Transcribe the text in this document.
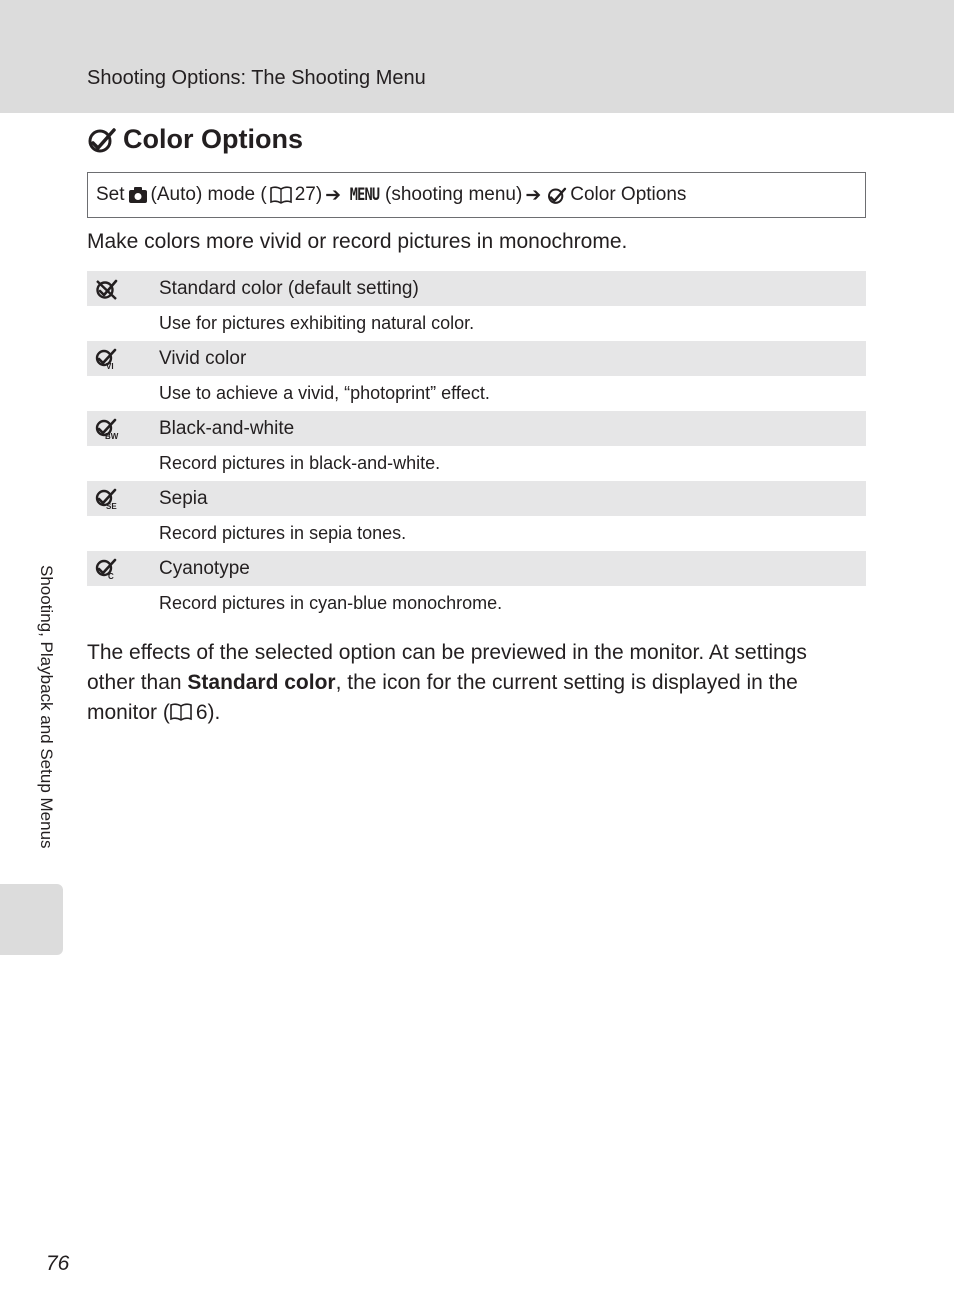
Shooting Options: The Shooting Menu
Color Options
Set (Auto) mode ( 27) ➔ MENU (shooting menu) ➔ Color Options
Make colors more vivid or record pictures in monochrome.
Standard color (default setting)
Use for pictures exhibiting natural color.
VI Vivid color
Use to achieve a vivid, “photoprint” effect.
BW Black-and-white
Record pictures in black-and-white.
SE Sepia
Record pictures in sepia tones.
C Cyanotype
Record pictures in cyan-blue monochrome.
The effects of the selected option can be previewed in the monitor. At settings other than Standard color, the icon for the current setting is displayed in the monitor ( 6).
Shooting, Playback and Setup Menus
76
